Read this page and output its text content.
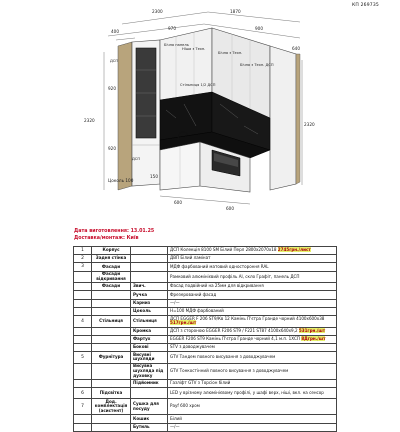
КП 269735
2300	1870
400
970	900
2320
920
920
2320
640
ДСП
Бічна панель
Ніша з Техн.
Бічна з Техн.
Стільниця 1/2 ДСП
Бічна з Техн. ДСП
ДСП
600
600
150
Цоколь 100
Дата виготовлення: 13.01.25
Доставка/монтаж: Київ
1	Корпус		ДСП Колекція 8100 SM Білий Перл 2800х2070х18 2745грн./лист
2	Задня стінка		ДВП Білий ламінат
3	Фасади		МДФ фарбований матовий одностороння RAL
	Фасади відкривання		Рамковий алюмінієвий профіль Al, скло Графіт, панель ДСП
	Фасади	Звич.	Фасад подвійний на 25мм для відкривання
		Ручка	Фрезерований фасад
		Карниз	—/—
		Цоколь	H=100 МДФ фарбований
4	Стільниця	Стільниця	ДСП EGGER F 206 ST9/Кв 12 Камінь П'єтра Гранде чорний 4100х600х38 517грн./шт
		Кромка	ДСП з стороною EGGER F206 ST9 / F221 ST87 4100х640х9,2 531грн./шт
		Фартух	EGGER F206 ST9 Камінь П'єтра Гранде чорний 4,1 м.п. 1ХСП 8Дгрн./шт
		Бокові	STV з доводжувачем
5	Фурнітура	Висувні шухляди	GTV Тандем повного висування з доводжувачем
		Висувна шухляда під духовку	GTV Тонкостінний повного висування з доводжувачем
		Підйомник	Газліфт GTV з Торсіон білий
6	Підсвітка		LED у врізному алюмінієвому профілі, у шафі верх, ніші, вкл. на сенсор
7	Дод. комплектація (асистент)	Сушка для посуду	Рауf 600 хром
		Кошик	Білий
		Бутиль	—/—
